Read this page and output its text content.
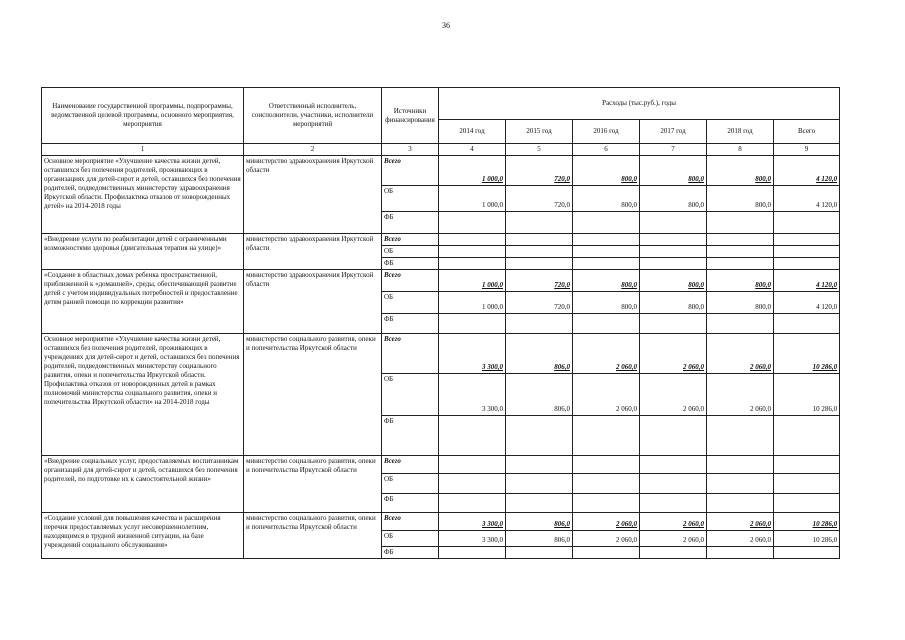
36
Наименование государственной программы, подпрограммы, ведомственной целевой программы, основного мероприятия, мероприятия	Ответственный исполнитель, соисполнители, участники, исполнители мероприятий	Источники финансирования	Расходы (тыс.руб.), годы					
			2014 год	2015 год	2016 год	2017 год	2018 год	Всего
1	2	3	4	5	6	7	8	9
Основное мероприятие «Улучшение качества жизни детей, оставшихся без попечения родителей, проживающих в организациях для детей-сирот и детей, оставшихся без попечения родителей, подведомственных министерству здравоохранения Иркутской области. Профилактика отказов от новорожденных детей» на 2014-2018 годы	министерство здравоохранения Иркутской области	Всего	1 000,0	720,0	800,0	800,0	800,0	4 120,0
		ОБ	1 000,0	720,0	800,0	800,0	800,0	4 120,0
		ФБ						
«Внедрение услуги по реабилитации детей с ограниченными возможностями здоровья (двигательная терапия на улице)»	министерство здравоохранения Иркутской области	Всего						
		ОБ						
		ФБ						
«Создание в областных домах ребенка пространственной, приближенной к «домашней», среды, обеспечивающей развитие детей с учетом индивидуальных потребностей и предоставление детям ранней помощи по коррекции развития»	министерство здравоохранения Иркутской области	Всего	1 000,0	720,0	800,0	800,0	800,0	4 120,0
		ОБ	1 000,0	720,0	800,0	800,0	800,0	4 120,0
		ФБ						
Основное мероприятие «Улучшение качества жизни детей, оставшихся без попечения родителей, проживающих в учреждениях для детей-сирот и детей, оставшихся без попечения родителей, подведомственных министерству социального развития, опеки и попечительства Иркутской области. Профилактика отказов от новорожденных детей в рамках полномочий министерства социального развития, опеки и попечительства Иркутской области» на 2014-2018 годы	министерство социального развития, опеки и попечительства Иркутской области	Всего	3 300,0	806,0	2 060,0	2 060,0	2 060,0	10 286,0
		ОБ	3 300,0	806,0	2 060,0	2 060,0	2 060,0	10 286,0
		ФБ						
«Внедрение социальных услуг, предоставляемых воспитанникам организаций для детей-сирот и детей, оставшихся без попечения родителей, по подготовке их к самостоятельной жизни»	министерство социального развития, опеки и попечительства Иркутской области	Всего						
		ОБ						
		ФБ						
«Создание условий для повышения качества и расширения перечня предоставляемых услуг несовершеннолетним, находящимся в трудной жизненной ситуации, на базе учреждений социального обслуживания»	министерство социального развития, опеки и попечительства Иркутской области	Всего	3 300,0	806,0	2 060,0	2 060,0	2 060,0	10 286,0
		ОБ	3 300,0	806,0	2 060,0	2 060,0	2 060,0	10 286,0
		ФБ						
